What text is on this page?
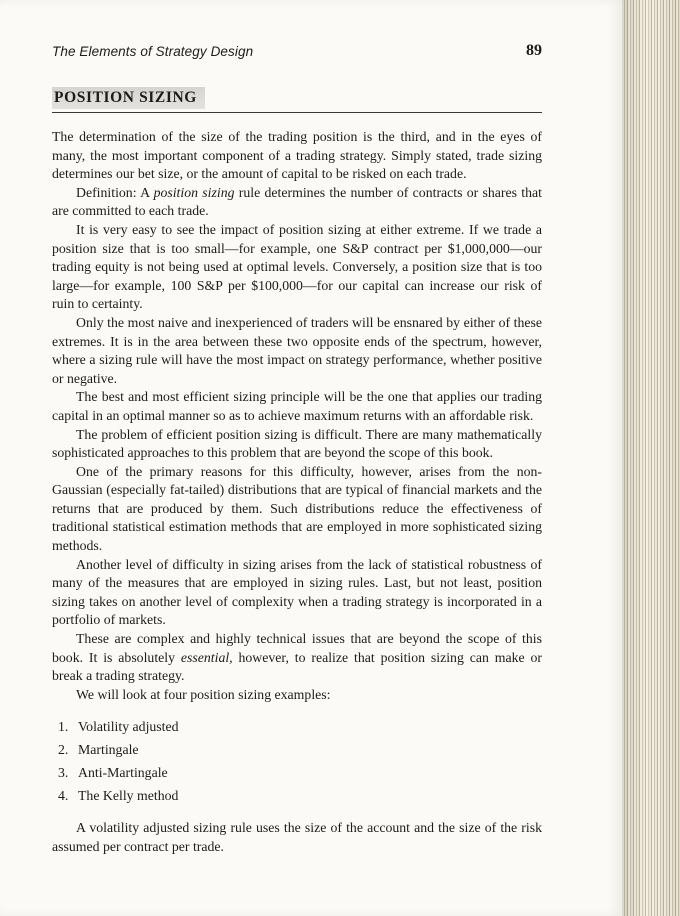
The Elements of Strategy Design	89
POSITION SIZING

The determination of the size of the trading position is the third, and in the eyes of many, the most important component of a trading strategy. Simply stated, trade sizing determines our bet size, or the amount of capital to be risked on each trade.

Definition: A position sizing rule determines the number of contracts or shares that are committed to each trade.

It is very easy to see the impact of position sizing at either extreme. If we trade a position size that is too small—for example, one S&P contract per $1,000,000—our trading equity is not being used at optimal levels. Conversely, a position size that is too large—for example, 100 S&P per $100,000—for our capital can increase our risk of ruin to certainty.

Only the most naive and inexperienced of traders will be ensnared by either of these extremes. It is in the area between these two opposite ends of the spectrum, however, where a sizing rule will have the most impact on strategy performance, whether positive or negative.

The best and most efficient sizing principle will be the one that applies our trading capital in an optimal manner so as to achieve maximum returns with an affordable risk.

The problem of efficient position sizing is difficult. There are many mathematically sophisticated approaches to this problem that are beyond the scope of this book.

One of the primary reasons for this difficulty, however, arises from the non-Gaussian (especially fat-tailed) distributions that are typical of financial markets and the returns that are produced by them. Such distributions reduce the effectiveness of traditional statistical estimation methods that are employed in more sophisticated sizing methods.

Another level of difficulty in sizing arises from the lack of statistical robustness of many of the measures that are employed in sizing rules. Last, but not least, position sizing takes on another level of complexity when a trading strategy is incorporated in a portfolio of markets.

These are complex and highly technical issues that are beyond the scope of this book. It is absolutely essential, however, to realize that position sizing can make or break a trading strategy.

We will look at four position sizing examples:

1. Volatility adjusted
2. Martingale
3. Anti-Martingale
4. The Kelly method

A volatility adjusted sizing rule uses the size of the account and the size of the risk assumed per contract per trade.
